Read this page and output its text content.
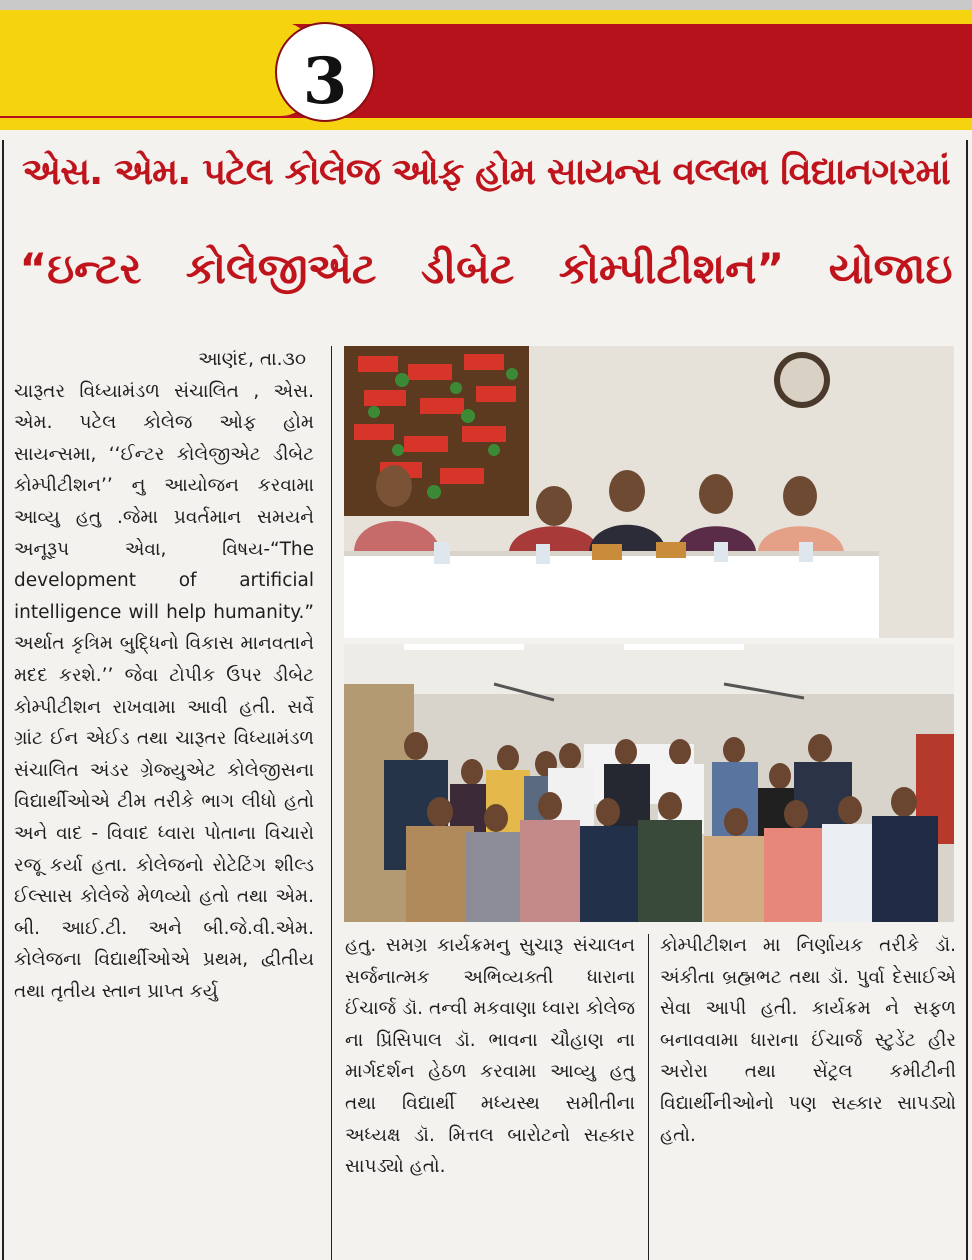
3
એસ. એમ. પટેલ કોલેજ ઓફ હોમ સાયન્સ વલ્લભ વિદ્યાનગરમાં
“ઇન્ટર કોલેજીએટ ડીબેટ કોમ્પીટીશન” યોજાઇ

આણંદ, તા.૩૦

ચારૂતર વિધ્યામંડળ સંચાલિત , એસ. એમ. પટેલ કોલેજ ઓફ હોમ સાયન્સમા, ‘‘ઈન્ટર કોલેજીએટ ડીબેટ કોમ્પીટીશન’’ નુ આયોજન કરવામા આવ્યુ હતુ .જેમા પ્રવર્તમાન સમયને અનૂરૂપ એવા, વિષય-“The development of artificial intelligence will help humanity.” અર્થાત કૃત્રિમ બુદ્ધિનો વિકાસ માનવતાને મદદ કરશે.’’ જેવા ટોપીક ઉપર ડીબેટ કોમ્પીટીશન રાખવામા આવી હતી. સર્વે ગ્રાંટ ઈન એઈડ તથા ચારૂતર વિધ્યામંડળ સંચાલિત અંડર ગ્રેજ્યુએટ કોલેજીસના વિદ્યાર્થીઓએ ટીમ તરીકે ભાગ લીધો હતો અને વાદ - વિવાદ ધ્વારા પોતાના વિચારો રજૂ કર્યા હતા. કોલેજનો રોટેટિંગ શીલ્ડ ઈલ્સાસ કોલેજે મેળવ્યો હતો તથા એમ. બી. આઈ.ટી. અને બી.જે.વી.એમ. કોલેજના વિદ્યાર્થીઓએ પ્રથમ, દ્વીતીય તથા તૃતીય સ્તાન પ્રાપ્ત કર્યુ

હતુ. સમગ્ર કાર્યક્રમનુ સુચારૂ સંચાલન સર્જનાત્મક અભિવ્યક્તી ધારાના ઈંચાર્જ ડૉ. તન્વી મકવાણા ધ્વારા કોલેજ ના પ્રિંસિપાલ ડૉ. ભાવના ચૌહાણ ના માર્ગદર્શન હેઠળ કરવામા આવ્યુ હતુ તથા વિદ્યાર્થી મધ્યસ્થ સમીતીના અધ્યક્ષ ડૉ. મિત્તલ બારોટનો સહ્કાર સાપડ્યો હતો.

કોમ્પીટીશન મા નિર્ણાયક તરીકે ડૉ. અંકીતા બ્રહ્મભટ તથા ડૉ. પુર્વા દેસાઈએ સેવા આપી હતી. કાર્યક્રમ ને સફળ બનાવવામા ધારાના ઈંચાર્જ સ્ટુડેંટ હીર અરોરા તથા સેંટ્રલ કમીટીની વિદ્યાર્થીનીઓનો પણ સહ્કાર સાપડ્યો હતો.
